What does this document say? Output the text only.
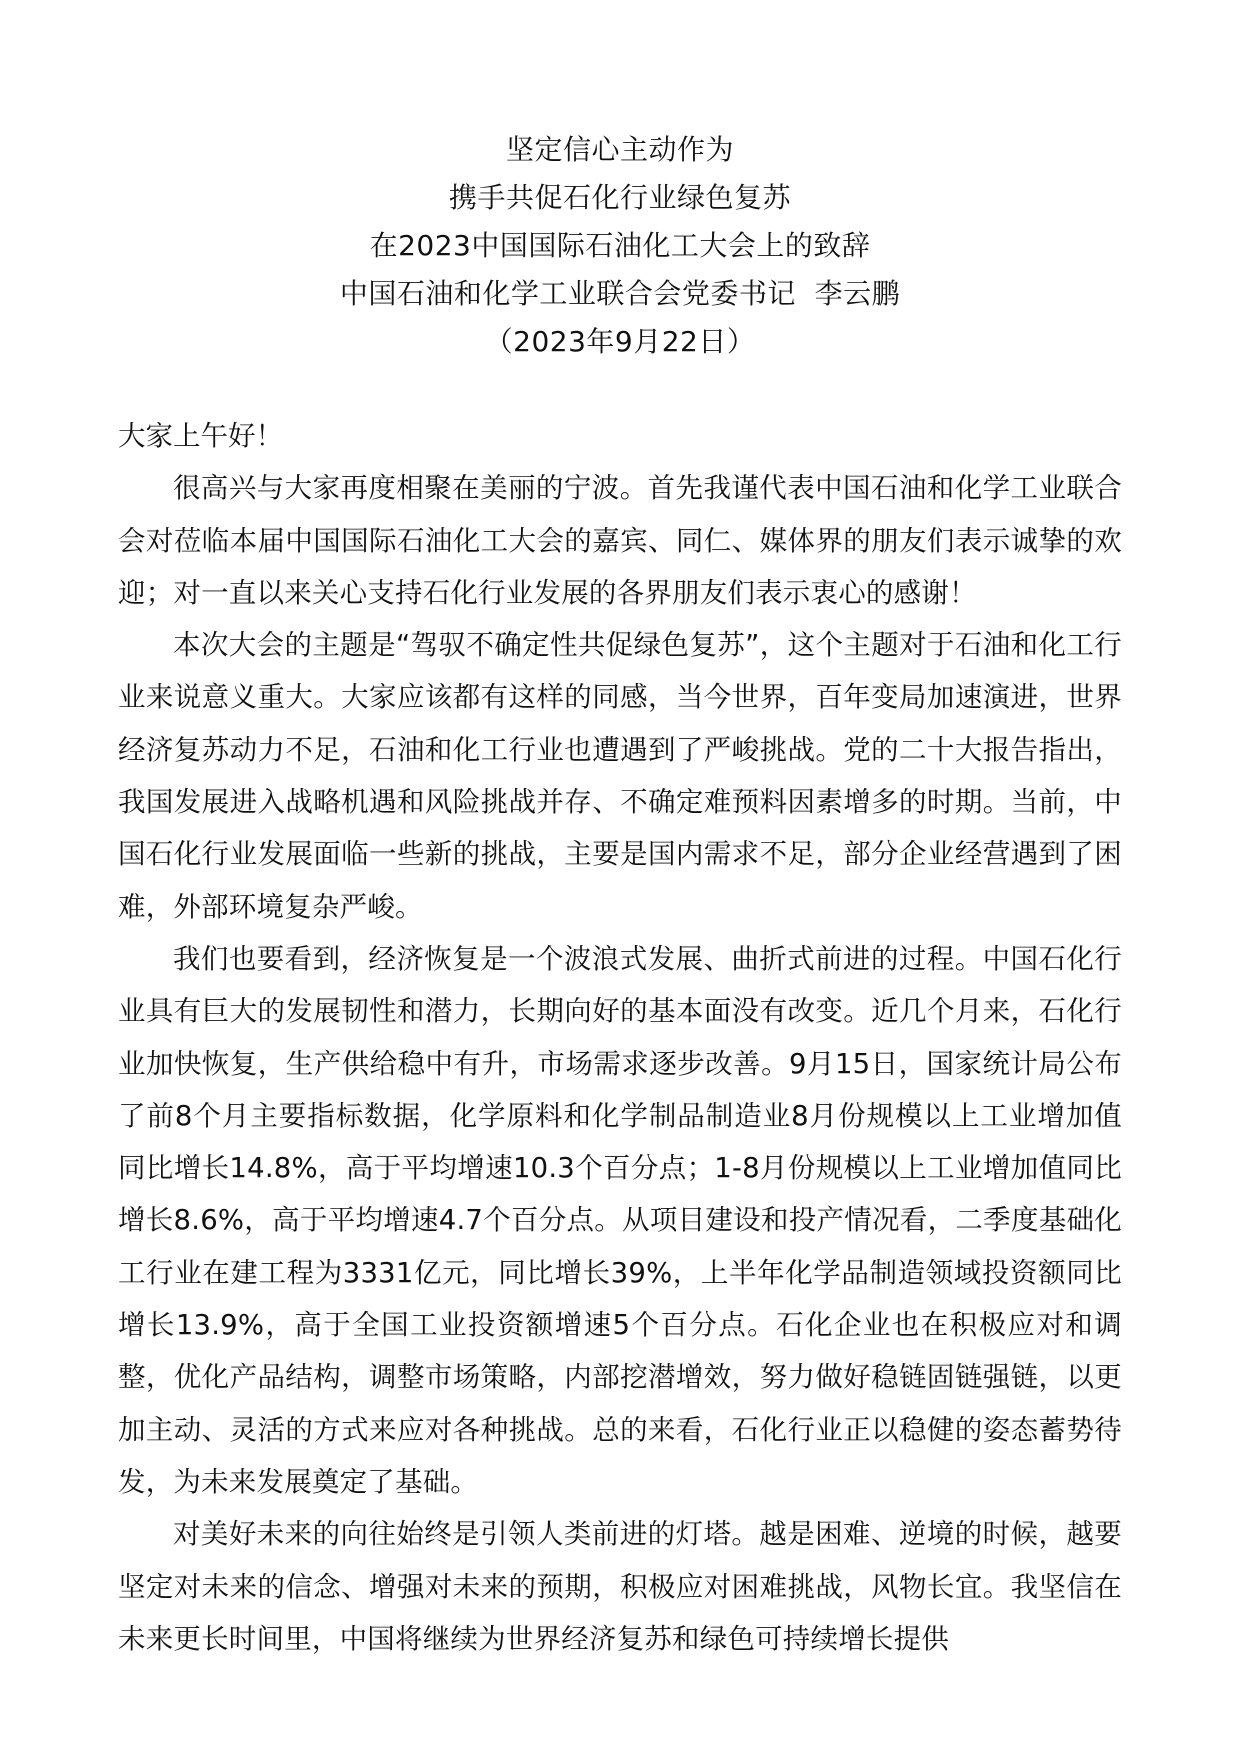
坚定信心主动作为
携手共促石化行业绿色复苏
在2023中国国际石油化工大会上的致辞
中国石油和化学工业联合会党委书记  李云鹏
（2023年9月22日）
大家上午好！

很高兴与大家再度相聚在美丽的宁波。首先我谨代表中国石油和化学工业联合会对莅临本届中国国际石油化工大会的嘉宾、同仁、媒体界的朋友们表示诚挚的欢迎；对一直以来关心支持石化行业发展的各界朋友们表示衷心的感谢！

本次大会的主题是“驾驭不确定性共促绿色复苏”，这个主题对于石油和化工行业来说意义重大。大家应该都有这样的同感，当今世界，百年变局加速演进，世界经济复苏动力不足，石油和化工行业也遭遇到了严峻挑战。党的二十大报告指出，我国发展进入战略机遇和风险挑战并存、不确定难预料因素增多的时期。当前，中国石化行业发展面临一些新的挑战，主要是国内需求不足，部分企业经营遇到了困难，外部环境复杂严峻。

我们也要看到，经济恢复是一个波浪式发展、曲折式前进的过程。中国石化行业具有巨大的发展韧性和潜力，长期向好的基本面没有改变。近几个月来，石化行业加快恢复，生产供给稳中有升，市场需求逐步改善。9月15日，国家统计局公布了前8个月主要指标数据，化学原料和化学制品制造业8月份规模以上工业增加值同比增长14.8%，高于平均增速10.3个百分点；1-8月份规模以上工业增加值同比增长8.6%，高于平均增速4.7个百分点。从项目建设和投产情况看，二季度基础化工行业在建工程为3331亿元，同比增长39%，上半年化学品制造领域投资额同比增长13.9%，高于全国工业投资额增速5个百分点。石化企业也在积极应对和调整，优化产品结构，调整市场策略，内部挖潜增效，努力做好稳链固链强链，以更加主动、灵活的方式来应对各种挑战。总的来看，石化行业正以稳健的姿态蓄势待发，为未来发展奠定了基础。

对美好未来的向往始终是引领人类前进的灯塔。越是困难、逆境的时候，越要坚定对未来的信念、增强对未来的预期，积极应对困难挑战，风物长宜。我坚信在未来更长时间里，中国将继续为世界经济复苏和绿色可持续增长提供
